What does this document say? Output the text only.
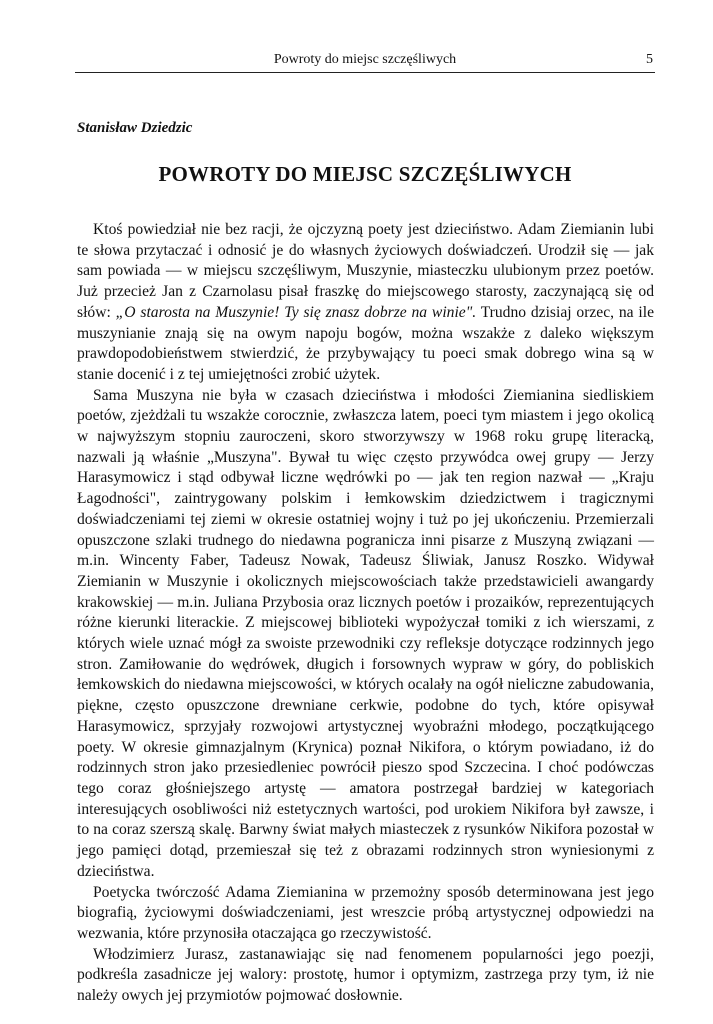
Powroty do miejsc szczęśliwych	5
Stanisław Dziedzic
POWROTY DO MIEJSC SZCZĘŚLIWYCH

Ktoś powiedział nie bez racji, że ojczyzną poety jest dzieciństwo. Adam Ziemianin lubi te słowa przytaczać i odnosić je do własnych życiowych doświadczeń. Urodził się — jak sam powiada — w miejscu szczęśliwym, Muszynie, miasteczku ulubionym przez poetów. Już przecież Jan z Czarnolasu pisał fraszkę do miejscowego starosty, zaczynającą się od słów: „O starosta na Muszynie! Ty się znasz dobrze na winie". Trudno dzisiaj orzec, na ile muszynianie znają się na owym napoju bogów, można wszakże z daleko większym prawdopodobieństwem stwierdzić, że przybywający tu poeci smak dobrego wina są w stanie docenić i z tej umiejętności zrobić użytek.

Sama Muszyna nie była w czasach dzieciństwa i młodości Ziemianina siedliskiem poetów, zjeżdżali tu wszakże corocznie, zwłaszcza latem, poeci tym miastem i jego okolicą w najwyższym stopniu zauroczeni, skoro stworzywszy w 1968 roku grupę literacką, nazwali ją właśnie „Muszyna". Bywał tu więc często przywódca owej grupy — Jerzy Harasymowicz i stąd odbywał liczne wędrówki po — jak ten region nazwał — „Kraju Łagodności", zaintrygowany polskim i łemkowskim dziedzictwem i tragicznymi doświadczeniami tej ziemi w okresie ostatniej wojny i tuż po jej ukończeniu. Przemierzali opuszczone szlaki trudnego do niedawna pogranicza inni pisarze z Muszyną związani — m.in. Wincenty Faber, Tadeusz Nowak, Tadeusz Śliwiak, Janusz Roszko. Widywał Ziemianin w Muszynie i okolicznych miejscowościach także przedstawicieli awangardy krakowskiej — m.in. Juliana Przybosia oraz licznych poetów i prozaików, reprezentujących różne kierunki literackie. Z miejscowej biblioteki wypożyczał tomiki z ich wierszami, z których wiele uznać mógł za swoiste przewodniki czy refleksje dotyczące rodzinnych jego stron. Zamiłowanie do wędrówek, długich i forsownych wypraw w góry, do pobliskich łemkowskich do niedawna miejscowości, w których ocalały na ogół nieliczne zabudowania, piękne, często opuszczone drewniane cerkwie, podobne do tych, które opisywał Harasymowicz, sprzyjały rozwojowi artystycznej wyobraźni młodego, początkującego poety. W okresie gimnazjalnym (Krynica) poznał Nikifora, o którym powiadano, iż do rodzinnych stron jako przesiedleniec powrócił pieszo spod Szczecina. I choć podówczas tego coraz głośniejszego artystę — amatora postrzegał bardziej w kategoriach interesujących osobliwości niż estetycznych wartości, pod urokiem Nikifora był zawsze, i to na coraz szerszą skalę. Barwny świat małych miasteczek z rysunków Nikifora pozostał w jego pamięci dotąd, przemieszał się też z obrazami rodzinnych stron wyniesionymi z dzieciństwa.

Poetycka twórczość Adama Ziemianina w przemożny sposób determinowana jest jego biografią, życiowymi doświadczeniami, jest wreszcie próbą artystycznej odpowiedzi na wezwania, które przynosiła otaczająca go rzeczywistość.

Włodzimierz Jurasz, zastanawiając się nad fenomenem popularności jego poezji, podkreśla zasadnicze jej walory: prostotę, humor i optymizm, zastrzega przy tym, iż nie należy owych jej przymiotów pojmować dosłownie.
